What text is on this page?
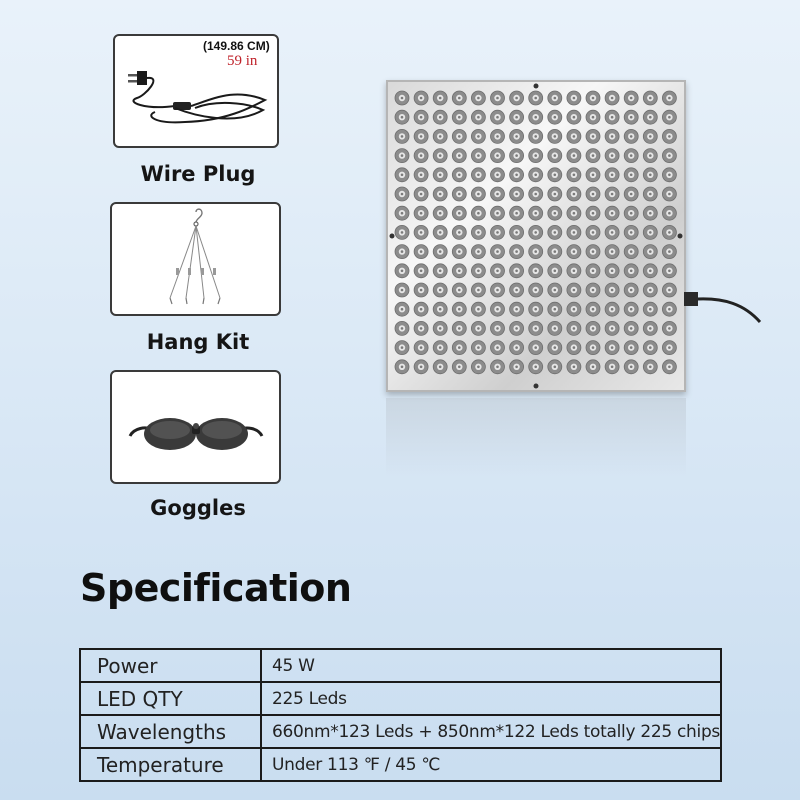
(149.86 CM)
59 in
Wire Plug
Hang Kit
Goggles
Specification
Power	45 W
LED QTY	225 Leds
Wavelengths	660nm*123 Leds + 850nm*122 Leds totally 225 chips
Temperature	Under 113 ℉ / 45 ℃
